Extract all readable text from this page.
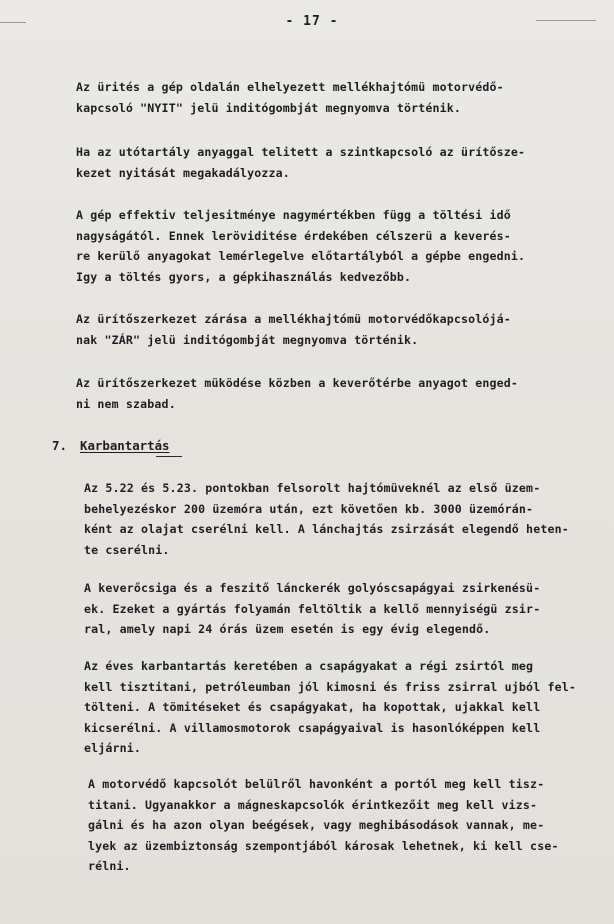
- 17 -
Az ürités a gép oldalán elhelyezett mellékhajtómü motorvédő-
kapcsoló "NYIT" jelü inditógombját megnyomva történik.
Ha az utótartály anyaggal telitett a szintkapcsoló az ürítősze-
kezet nyitását megakadályozza.
A gép effektiv teljesitménye nagymértékben függ a töltési idő
nagyságától. Ennek leröviditése érdekében célszerü a keverés-
re kerülő anyagokat lemérlegelve előtartályból a gépbe engedni.
Igy a töltés gyors, a gépkihasználás kedvezőbb.
Az ürítőszerkezet zárása a mellékhajtómü motorvédőkapcsolójá-
nak "ZÁR" jelü inditógombját megnyomva történik.
Az ürítőszerkezet müködése közben a keverőtérbe anyagot enged-
ni nem szabad.
7. Karbantartás
Az 5.22 és 5.23. pontokban felsorolt hajtómüveknél az első üzem-
behelyezéskor 200 üzemóra után, ezt követően kb. 3000 üzemórán-
ként az olajat cserélni kell. A lánchajtás zsirzását elegendő heten-
te cserélni.
A keverőcsiga és a feszitő lánckerék golyóscsapágyai zsirkenésü-
ek. Ezeket a gyártás folyamán feltöltik a kellő mennyiségü zsir-
ral, amely napi 24 órás üzem esetén is egy évig elegendő.
Az éves karbantartás keretében a csapágyakat a régi zsirtól meg
kell tisztitani, petróleumban jól kimosni és friss zsirral ujból fel-
tölteni. A tömitéseket és csapágyakat, ha kopottak, ujakkal kell
kicserélni. A villamosmotorok csapágyaival is hasonlóképpen kell
eljárni.
A motorvédő kapcsolót belülről havonként a portól meg kell tisz-
titani. Ugyanakkor a mágneskapcsolók érintkezőit meg kell vizs-
gálni és ha azon olyan beégések, vagy meghibásodások vannak, me-
lyek az üzembiztonság szempontjából károsak lehetnek, ki kell cse-
rélni.
